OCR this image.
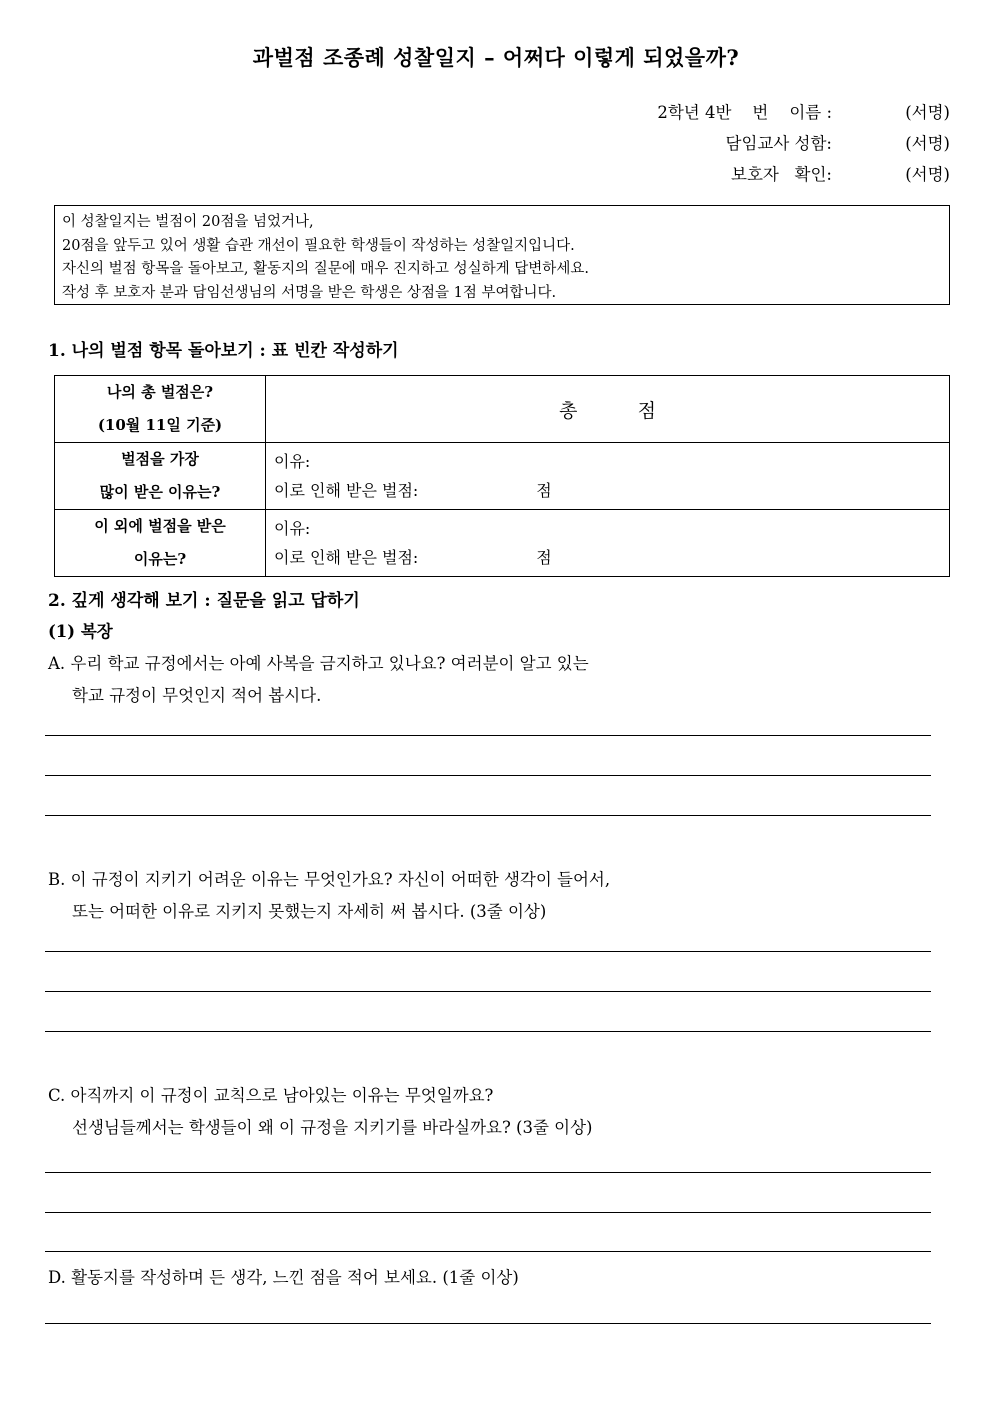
과벌점 조종례 성찰일지 – 어쩌다 이렇게 되었을까?
2학년 4반    번    이름 :	(서명)
담임교사 성함:	(서명)
보호자   확인:	(서명)
이 성찰일지는 벌점이 20점을 넘었거나,
20점을 앞두고 있어 생활 습관 개선이 필요한 학생들이 작성하는 성찰일지입니다.
자신의 벌점 항목을 돌아보고, 활동지의 질문에 매우 진지하고 성실하게 답변하세요.
작성 후 보호자 분과 담임선생님의 서명을 받은 학생은 상점을 1점 부여합니다.
1. 나의 벌점 항목 돌아보기 : 표 빈칸 작성하기
나의 총 벌점은?
(10월 11일 기준)	총          점

벌점을 가장
많이 받은 이유는?

이유:
이로 인해 받은 벌점:	점

이 외에 벌점을 받은
이유는?

이유:
이로 인해 받은 벌점:	점
2. 깊게 생각해 보기 : 질문을 읽고 답하기
(1) 복장
A. 우리 학교 규정에서는 아예 사복을 금지하고 있나요? 여러분이 알고 있는
학교 규정이 무엇인지 적어 봅시다.
B. 이 규정이 지키기 어려운 이유는 무엇인가요? 자신이 어떠한 생각이 들어서,
또는 어떠한 이유로 지키지 못했는지 자세히 써 봅시다. (3줄 이상)
C. 아직까지 이 규정이 교칙으로 남아있는 이유는 무엇일까요?
선생님들께서는 학생들이 왜 이 규정을 지키기를 바라실까요? (3줄 이상)
D. 활동지를 작성하며 든 생각, 느낀 점을 적어 보세요. (1줄 이상)
